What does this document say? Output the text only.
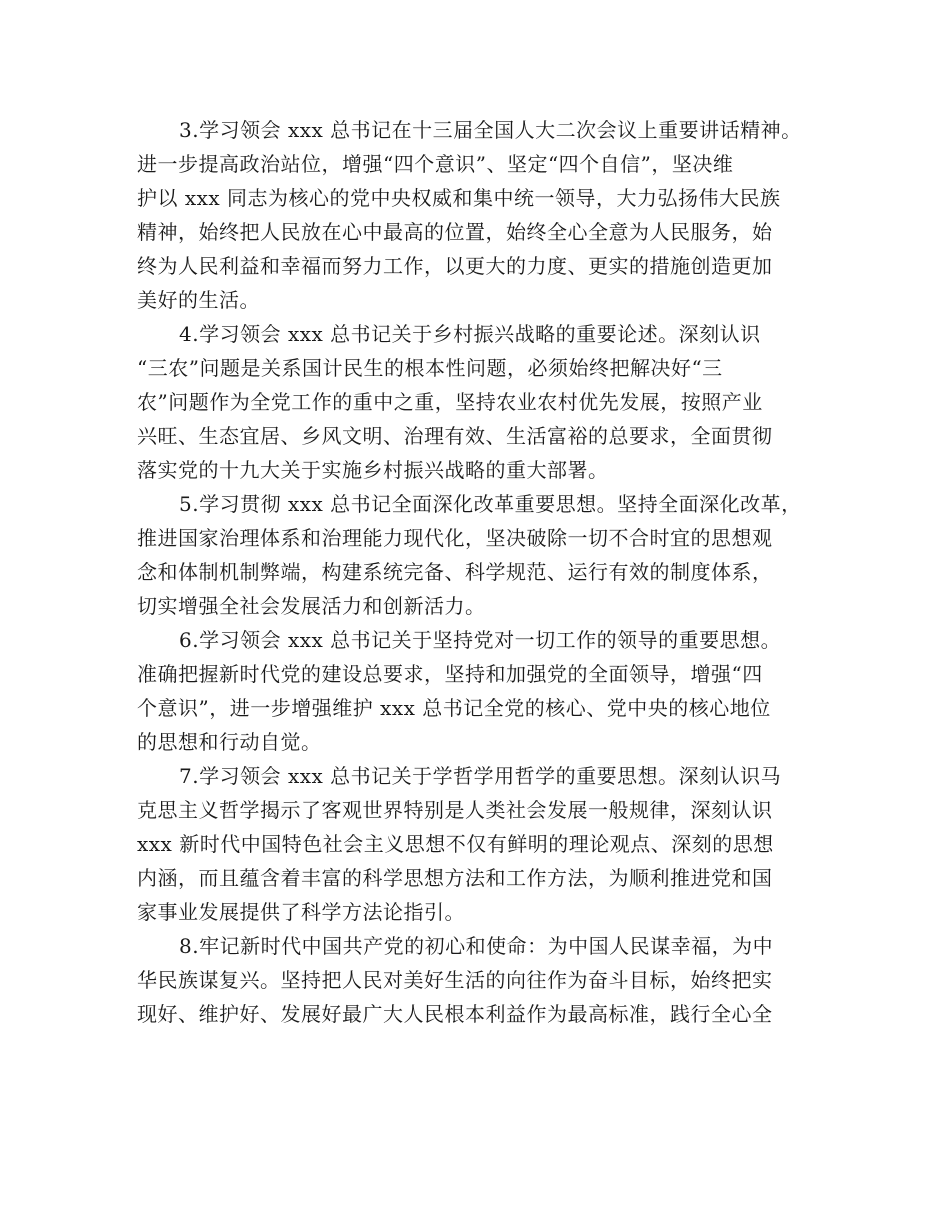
3.学习领会 xxx 总书记在十三届全国人大二次会议上重要讲话精神。
进一步提高政治站位，增强“四个意识”、坚定“四个自信”，坚决维
护以 xxx 同志为核心的党中央权威和集中统一领导，大力弘扬伟大民族
精神，始终把人民放在心中最高的位置，始终全心全意为人民服务，始
终为人民利益和幸福而努力工作，以更大的力度、更实的措施创造更加
美好的生活。

4.学习领会 xxx 总书记关于乡村振兴战略的重要论述。深刻认识
“三农”问题是关系国计民生的根本性问题，必须始终把解决好“三
农”问题作为全党工作的重中之重，坚持农业农村优先发展，按照产业
兴旺、生态宜居、乡风文明、治理有效、生活富裕的总要求，全面贯彻
落实党的十九大关于实施乡村振兴战略的重大部署。

5.学习贯彻 xxx 总书记全面深化改革重要思想。坚持全面深化改革，
推进国家治理体系和治理能力现代化，坚决破除一切不合时宜的思想观
念和体制机制弊端，构建系统完备、科学规范、运行有效的制度体系，
切实增强全社会发展活力和创新活力。

6.学习领会 xxx 总书记关于坚持党对一切工作的领导的重要思想。
准确把握新时代党的建设总要求，坚持和加强党的全面领导，增强“四
个意识”，进一步增强维护 xxx 总书记全党的核心、党中央的核心地位
的思想和行动自觉。

7.学习领会 xxx 总书记关于学哲学用哲学的重要思想。深刻认识马
克思主义哲学揭示了客观世界特别是人类社会发展一般规律，深刻认识
xxx 新时代中国特色社会主义思想不仅有鲜明的理论观点、深刻的思想
内涵，而且蕴含着丰富的科学思想方法和工作方法，为顺利推进党和国
家事业发展提供了科学方法论指引。

8.牢记新时代中国共产党的初心和使命：为中国人民谋幸福，为中
华民族谋复兴。坚持把人民对美好生活的向往作为奋斗目标，始终把实
现好、维护好、发展好最广大人民根本利益作为最高标准，践行全心全
